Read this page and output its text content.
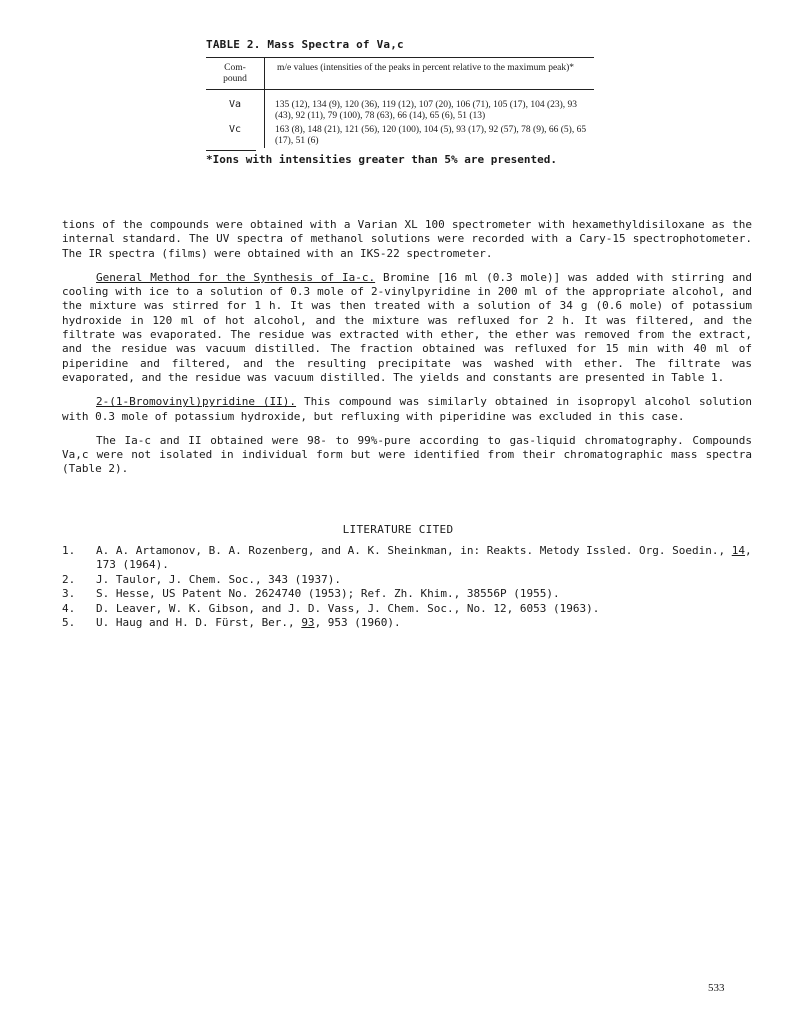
TABLE 2. Mass Spectra of Va,c
Com-
pound	m/e values (intensities of the peaks in percent relative to the maximum peak)*
Va	135 (12), 134 (9), 120 (36), 119 (12), 107 (20), 106 (71), 105 (17), 104 (23), 93 (43), 92 (11), 79 (100), 78 (63), 66 (14), 65 (6), 51 (13)
Vc	163 (8), 148 (21), 121 (56), 120 (100), 104 (5), 93 (17), 92 (57), 78 (9), 66 (5), 65 (17), 51 (6)
*Ions with intensities greater than 5% are presented.

tions of the compounds were obtained with a Varian XL 100 spectrometer with hexamethyldisiloxane as the internal standard. The UV spectra of methanol solutions were recorded with a Cary-15 spectrophotometer. The IR spectra (films) were obtained with an IKS-22 spectrometer.

General Method for the Synthesis of Ia-c. Bromine [16 ml (0.3 mole)] was added with stirring and cooling with ice to a solution of 0.3 mole of 2-vinylpyridine in 200 ml of the appropriate alcohol, and the mixture was stirred for 1 h. It was then treated with a solution of 34 g (0.6 mole) of potassium hydroxide in 120 ml of hot alcohol, and the mixture was refluxed for 2 h. It was filtered, and the filtrate was evaporated. The residue was extracted with ether, the ether was removed from the extract, and the residue was vacuum distilled. The fraction obtained was refluxed for 15 min with 40 ml of piperidine and filtered, and the resulting precipitate was washed with ether. The filtrate was evaporated, and the residue was vacuum distilled. The yields and constants are presented in Table 1.

2-(1-Bromovinyl)pyridine (II). This compound was similarly obtained in isopropyl alcohol solution with 0.3 mole of potassium hydroxide, but refluxing with piperidine was excluded in this case.

The Ia-c and II obtained were 98- to 99%-pure according to gas-liquid chromatography. Compounds Va,c were not isolated in individual form but were identified from their chromatographic mass spectra (Table 2).

LITERATURE CITED
1.	A. A. Artamonov, B. A. Rozenberg, and A. K. Sheinkman, in: Reakts. Metody Issled. Org. Soedin., 14, 173 (1964).
2.	J. Taulor, J. Chem. Soc., 343 (1937).
3.	S. Hesse, US Patent No. 2624740 (1953); Ref. Zh. Khim., 38556P (1955).
4.	D. Leaver, W. K. Gibson, and J. D. Vass, J. Chem. Soc., No. 12, 6053 (1963).
5.	U. Haug and H. D. Fürst, Ber., 93, 953 (1960).
533
